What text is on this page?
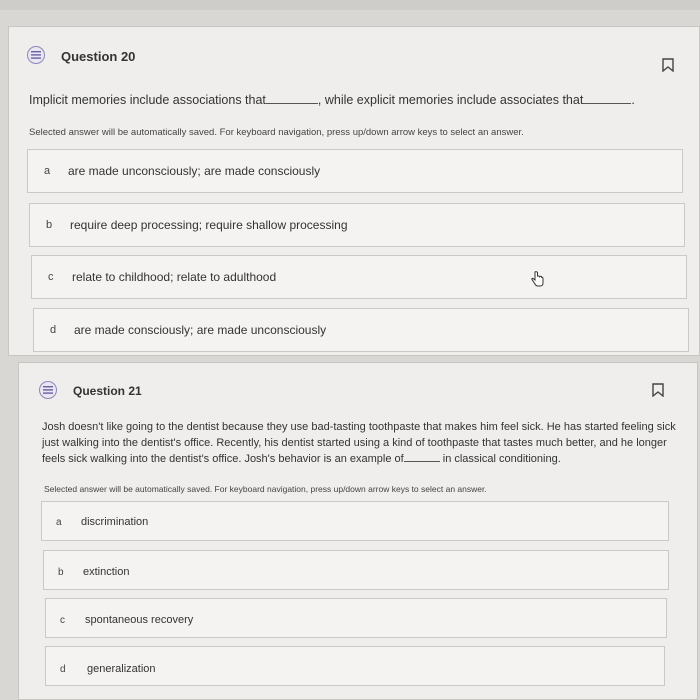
Question 20
Implicit memories include associations that	, while explicit memories include associates that	.
Selected answer will be automatically saved. For keyboard navigation, press up/down arrow keys to select an answer.
a are made unconsciously; are made consciously
b require deep processing; require shallow processing
c relate to childhood; relate to adulthood
d are made consciously; are made unconsciously
Question 21
Josh doesn't like going to the dentist because they use bad-tasting toothpaste that makes him feel sick. He has started feeling sick
just walking into the dentist's office. Recently, his dentist started using a kind of toothpaste that tastes much better, and he longer
feels sick walking into the dentist's office. Josh's behavior is an example of	in classical conditioning.
Selected answer will be automatically saved. For keyboard navigation, press up/down arrow keys to select an answer.
a discrimination
b extinction
c spontaneous recovery
d generalization
